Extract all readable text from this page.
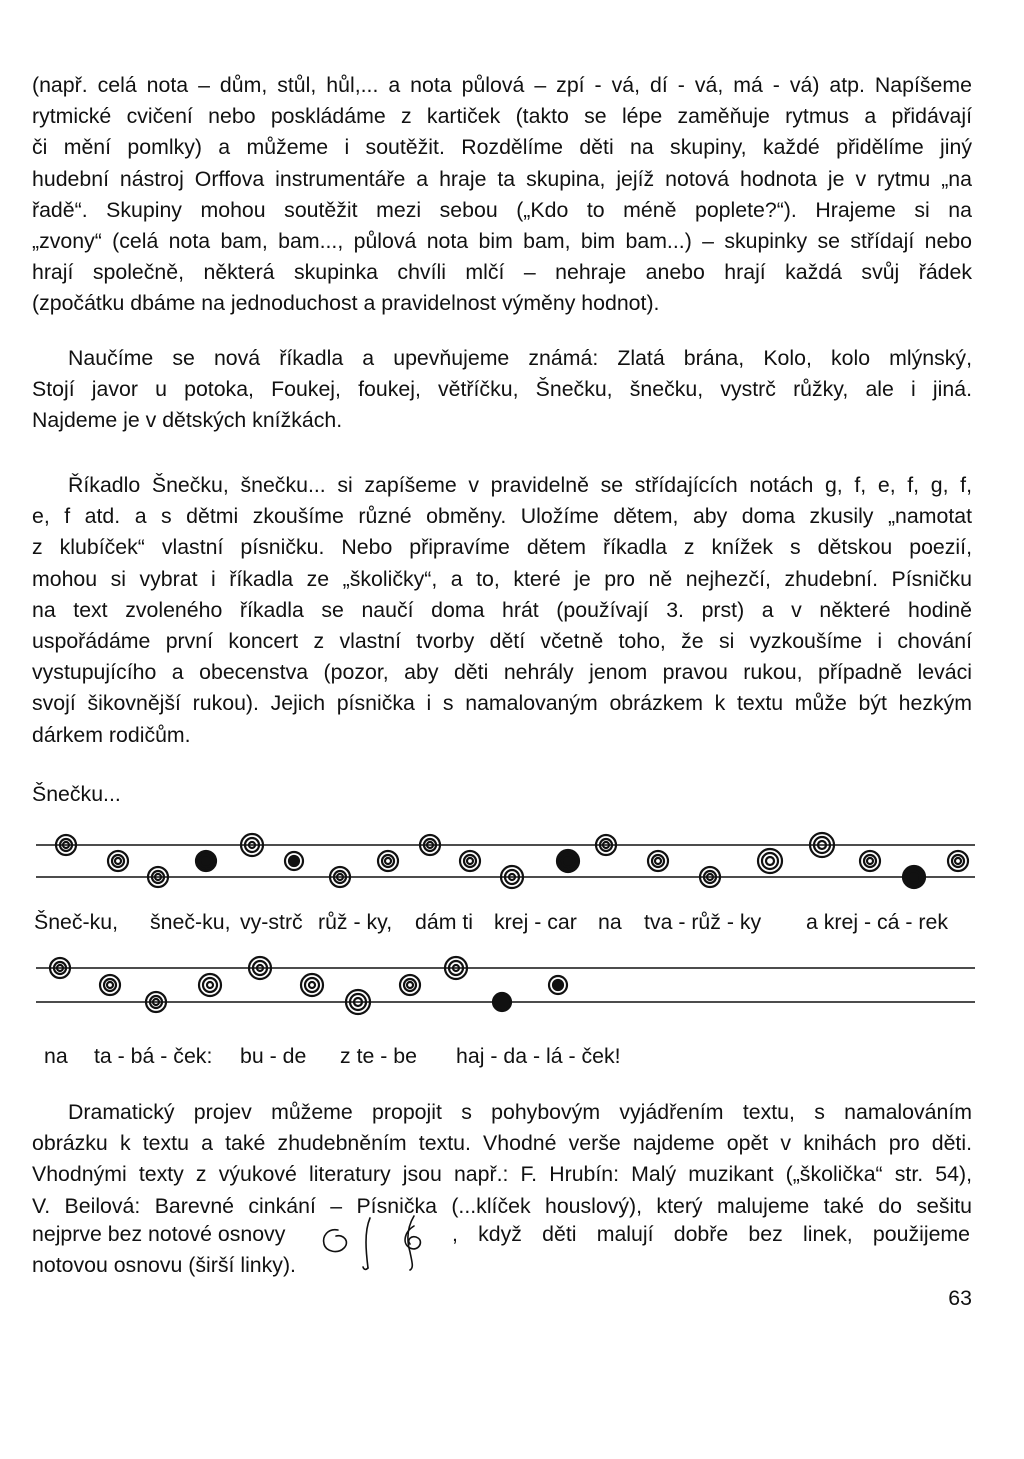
(např. celá nota – dům, stůl, hůl,... a nota půlová – zpí - vá, dí - vá, má - vá) atp. Napíšeme
rytmické cvičení nebo poskládáme z kartiček (takto se lépe zaměňuje rytmus a přidávají
či mění pomlky) a můžeme i soutěžit. Rozdělíme děti na skupiny, každé přidělíme jiný
hudební nástroj Orffova instrumentáře a hraje ta skupina, jejíž notová hodnota je v rytmu „na
řadě“. Skupiny mohou soutěžit mezi sebou („Kdo to méně poplete?“). Hrajeme si na
„zvony“ (celá nota bam, bam..., půlová nota bim bam, bim bam...) – skupinky se střídají nebo
hrají společně, některá skupinka chvíli mlčí – nehraje anebo hrají každá svůj řádek
(zpočátku dbáme na jednoduchost a pravidelnost výměny hodnot).
Naučíme se nová říkadla a upevňujeme známá: Zlatá brána, Kolo, kolo mlýnský,
Stojí javor u potoka, Foukej, foukej, větříčku, Šnečku, šnečku, vystrč růžky, ale i jiná.
Najdeme je v dětských knížkách.
Říkadlo Šnečku, šnečku... si zapíšeme v pravidelně se střídajících notách g, f, e, f, g, f,
e, f atd. a s dětmi zkoušíme různé obměny. Uložíme dětem, aby doma zkusily „namotat
z klubíček“ vlastní písničku. Nebo připravíme dětem říkadla z knížek s dětskou poezií,
mohou si vybrat i říkadla ze „školičky“, a to, které je pro ně nejhezčí, zhudební. Písničku
na text zvoleného říkadla se naučí doma hrát (používají 3. prst) a v některé hodině
uspořádáme první koncert z vlastní tvorby dětí včetně toho, že si vyzkoušíme i chování
vystupujícího a obecenstva (pozor, aby děti nehrály jenom pravou rukou, případně leváci
svojí šikovnější rukou). Jejich písnička i s namalovaným obrázkem k textu může být hezkým
dárkem rodičům.

Šnečku...

Šneč-ku, šneč-ku, vy-strč růž - ky, dám ti krej - car na tva - růž - ky a krej - cá - rek

na ta - bá - ček: bu - de z te - be haj - da - lá - ček!

Dramatický projev můžeme propojit s pohybovým vyjádřením textu, s namalováním
obrázku k textu a také zhudebněním textu. Vhodné verše najdeme opět v knihách pro děti.
Vhodnými texty z výukové literatury jsou např.: F. Hrubín: Malý muzikant („školička“ str. 54),
V. Beilová: Barevné cinkání – Písnička (...klíček houslový), který malujeme také do sešitu

nejprve bez notové osnovy	, když děti malují dobře bez linek, použijeme

notovou osnovu (širší linky).

63
